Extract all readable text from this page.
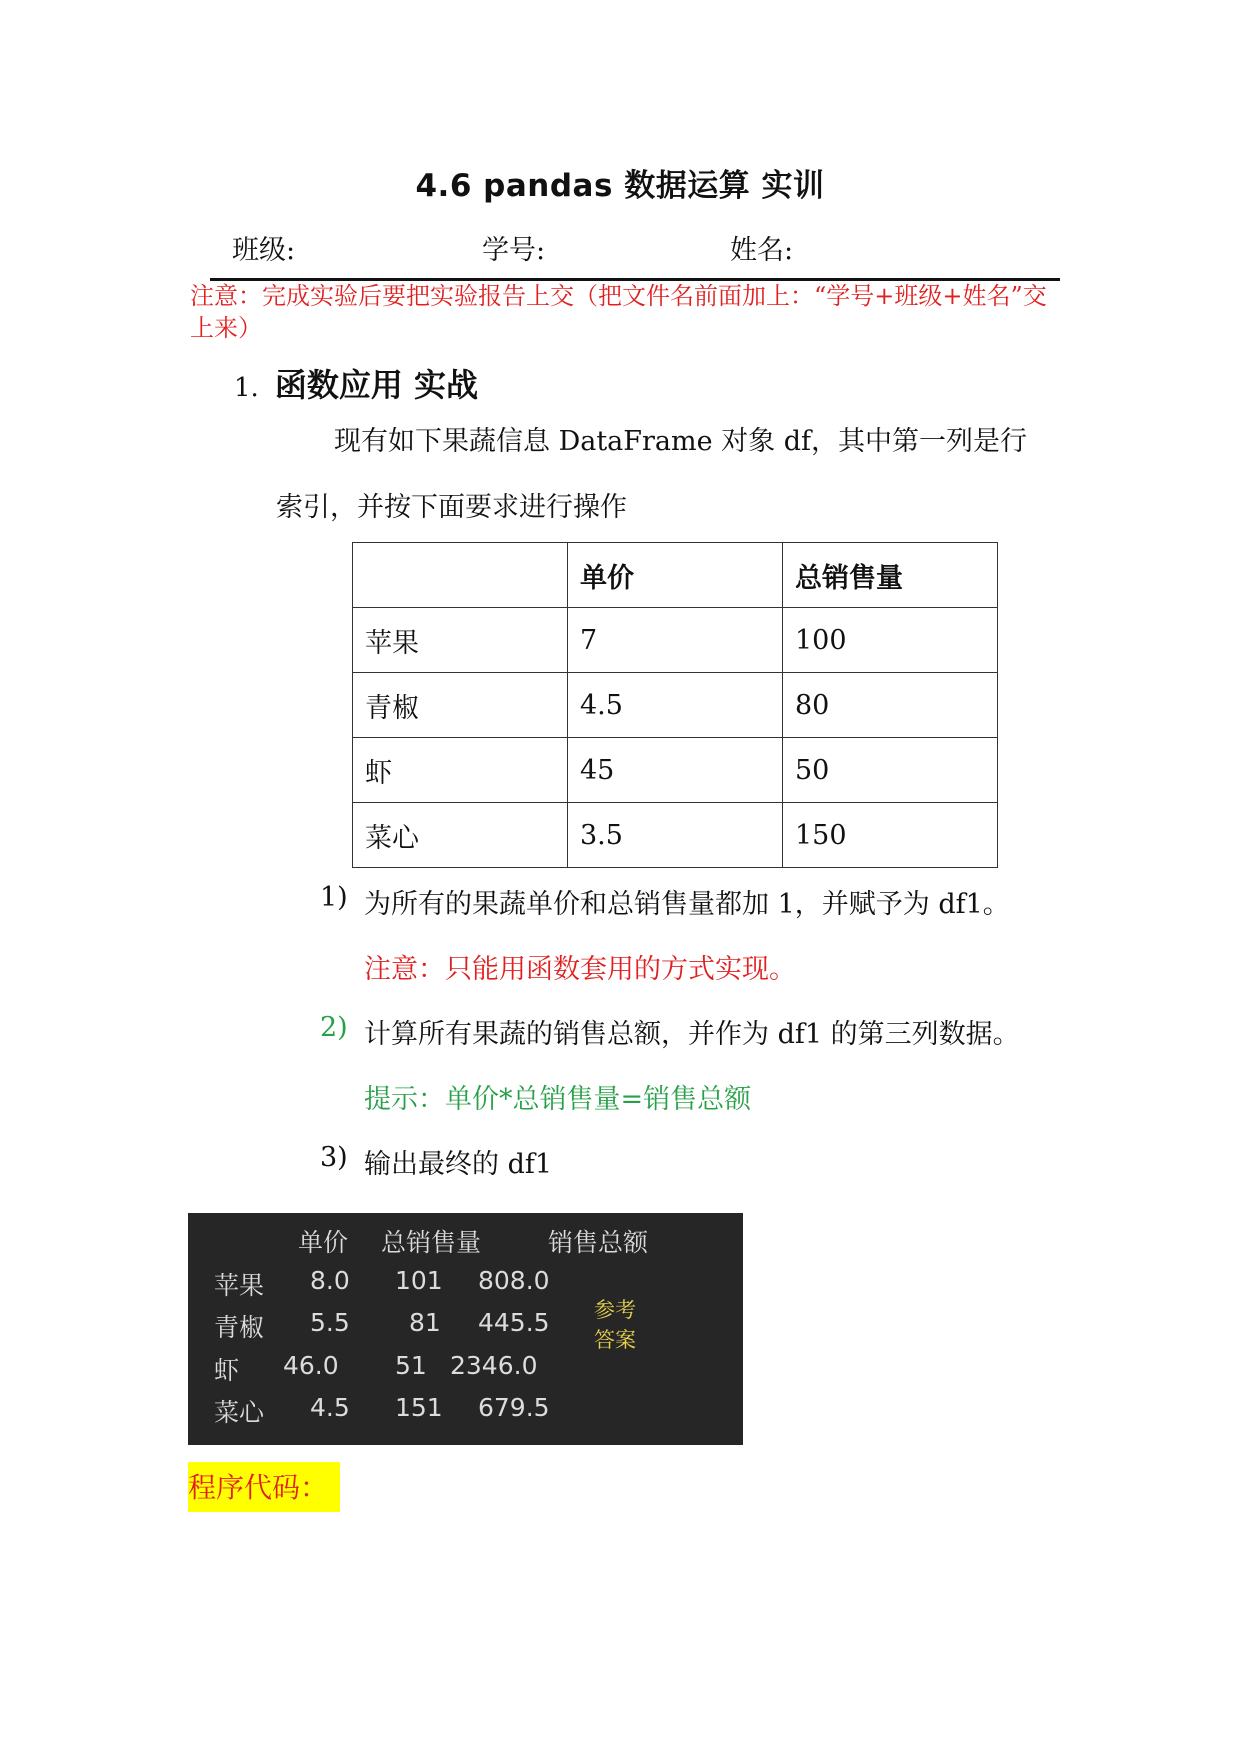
4.6 pandas 数据运算 实训
班级:	学号:	姓名:
注意：完成实验后要把实验报告上交（把文件名前面加上：“学号+班级+姓名”交上来）
1. 函数应用 实战
现有如下果蔬信息 DataFrame 对象 df，其中第一列是行
索引，并按下面要求进行操作
	单价	总销售量
苹果	7	100
青椒	4.5	80
虾	45	50
菜心	3.5	150
1) 为所有的果蔬单价和总销售量都加 1，并赋予为 df1。
注意：只能用函数套用的方式实现。
2) 计算所有果蔬的销售总额，并作为 df1 的第三列数据。
提示：单价*总销售量=销售总额
3) 输出最终的 df1
单价 总销售量	销售总额
苹果 8.0 101 808.0
青椒 5.5 81 445.5
虾 46.0 51 2346.0
菜心 4.5 151 679.5
参考答案
程序代码：
